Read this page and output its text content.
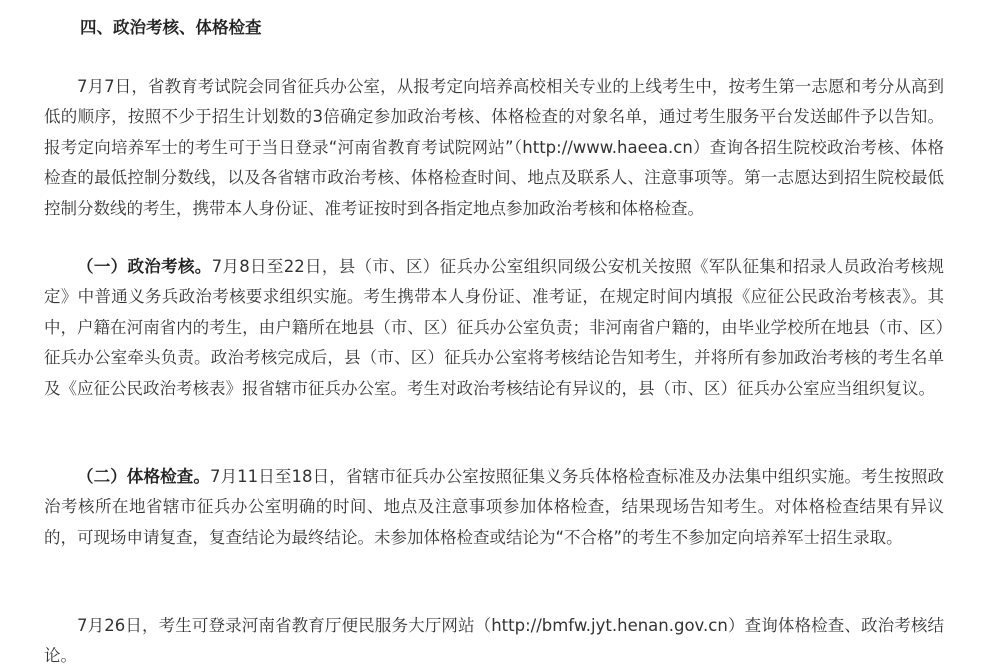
四、政治考核、体格检查

7月7日，省教育考试院会同省征兵办公室，从报考定向培养高校相关专业的上线考生中，按考生第一志愿和考分从高到低的顺序，按照不少于招生计划数的3倍确定参加政治考核、体格检查的对象名单，通过考生服务平台发送邮件予以告知。报考定向培养军士的考生可于当日登录“河南省教育考试院网站”（http://www.haeea.cn）查询各招生院校政治考核、体格检查的最低控制分数线，以及各省辖市政治考核、体格检查时间、地点及联系人、注意事项等。第一志愿达到招生院校最低控制分数线的考生，携带本人身份证、准考证按时到各指定地点参加政治考核和体格检查。

（一）政治考核。7月8日至22日，县（市、区）征兵办公室组织同级公安机关按照《军队征集和招录人员政治考核规定》中普通义务兵政治考核要求组织实施。考生携带本人身份证、准考证，在规定时间内填报《应征公民政治考核表》。其中，户籍在河南省内的考生，由户籍所在地县（市、区）征兵办公室负责；非河南省户籍的，由毕业学校所在地县（市、区）征兵办公室牵头负责。政治考核完成后，县（市、区）征兵办公室将考核结论告知考生，并将所有参加政治考核的考生名单及《应征公民政治考核表》报省辖市征兵办公室。考生对政治考核结论有异议的，县（市、区）征兵办公室应当组织复议。

（二）体格检查。7月11日至18日，省辖市征兵办公室按照征集义务兵体格检查标准及办法集中组织实施。考生按照政治考核所在地省辖市征兵办公室明确的时间、地点及注意事项参加体格检查，结果现场告知考生。对体格检查结果有异议的，可现场申请复查，复查结论为最终结论。未参加体格检查或结论为“不合格”的考生不参加定向培养军士招生录取。

7月26日，考生可登录河南省教育厅便民服务大厅网站（http://bmfw.jyt.henan.gov.cn）查询体格检查、政治考核结论。
